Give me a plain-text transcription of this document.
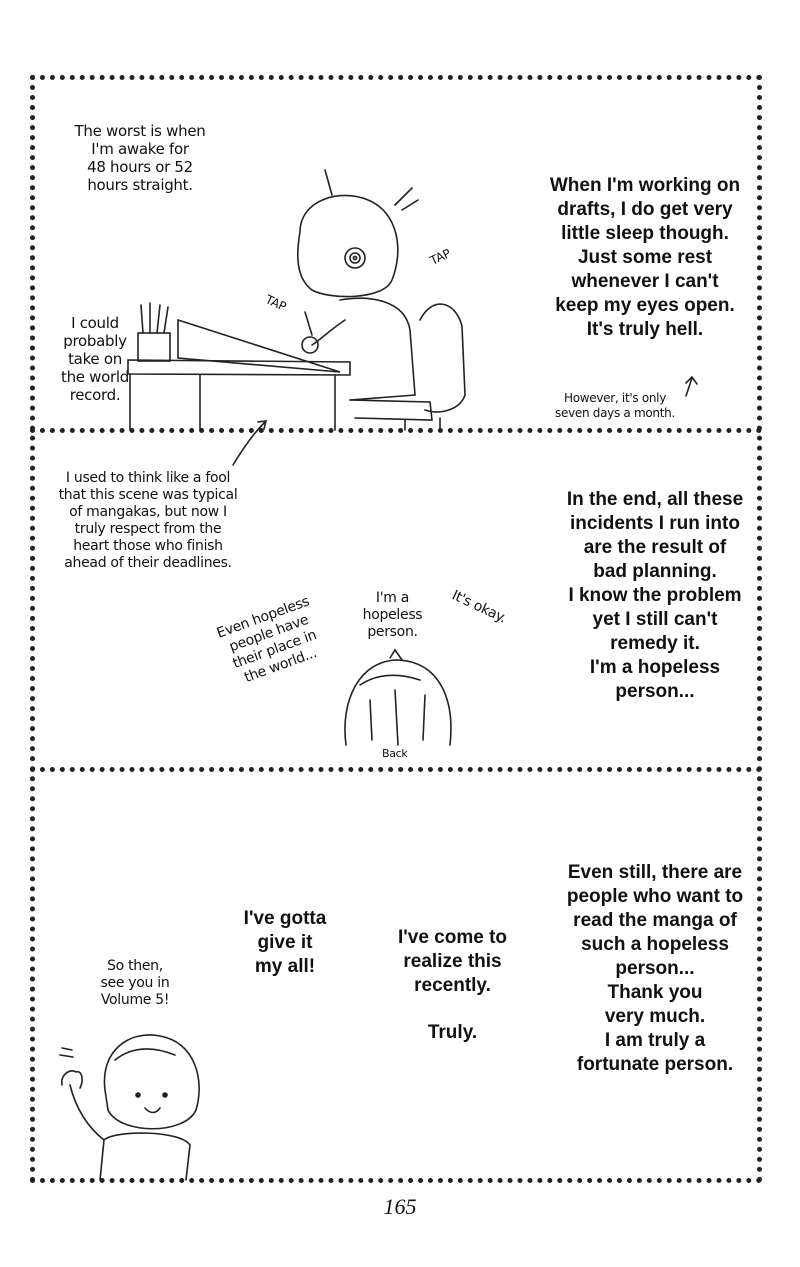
The worst is when
I'm awake for
48 hours or 52
hours straight.
I could
probably
take on
the world
record.
TAP
TAP
When I'm working on
drafts, I do get very
little sleep though.
Just some rest
whenever I can't
keep my eyes open.
It's truly hell.
However, it's only
seven days a month.
I used to think like a fool
that this scene was typical
of mangakas, but now I
truly respect from the
heart those who finish
ahead of their deadlines.
Even hopeless
people have
their place in
the world...
I'm a
hopeless
person.
It's okay.
In the end, all these
incidents I run into
are the result of
bad planning.
I know the problem
yet I still can't
remedy it.
I'm a hopeless
person...
Back
So then,
see you in
Volume 5!
I've gotta
give it
my all!
I've come to
realize this
recently.
Truly.
Even still, there are
people who want to
read the manga of
such a hopeless
person...
Thank you
very much.
I am truly a
fortunate person.
165
